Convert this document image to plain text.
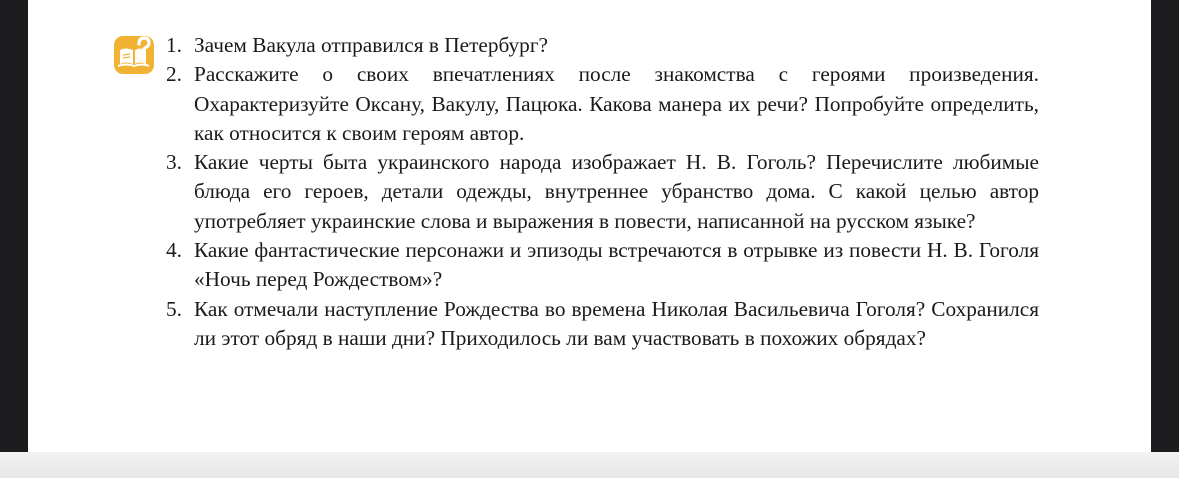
1. Зачем Вакула отправился в Петербург?
2. Расскажите о своих впечатлениях после знакомства с героями произведения. Охарактеризуйте Оксану, Вакулу, Пацюка. Какова манера их речи? Попробуйте определить, как относится к своим героям автор.
3. Какие черты быта украинского народа изображает Н. В. Гоголь? Перечислите любимые блюда его героев, детали одежды, внутреннее убранство дома. С какой целью автор употребляет украинские слова и выражения в повести, написанной на русском языке?
4. Какие фантастические персонажи и эпизоды встречаются в отрывке из повести Н. В. Гоголя «Ночь перед Рождеством»?
5. Как отмечали наступление Рождества во времена Николая Васильевича Гоголя? Сохранился ли этот обряд в наши дни? Приходилось ли вам участвовать в похожих обрядах?
